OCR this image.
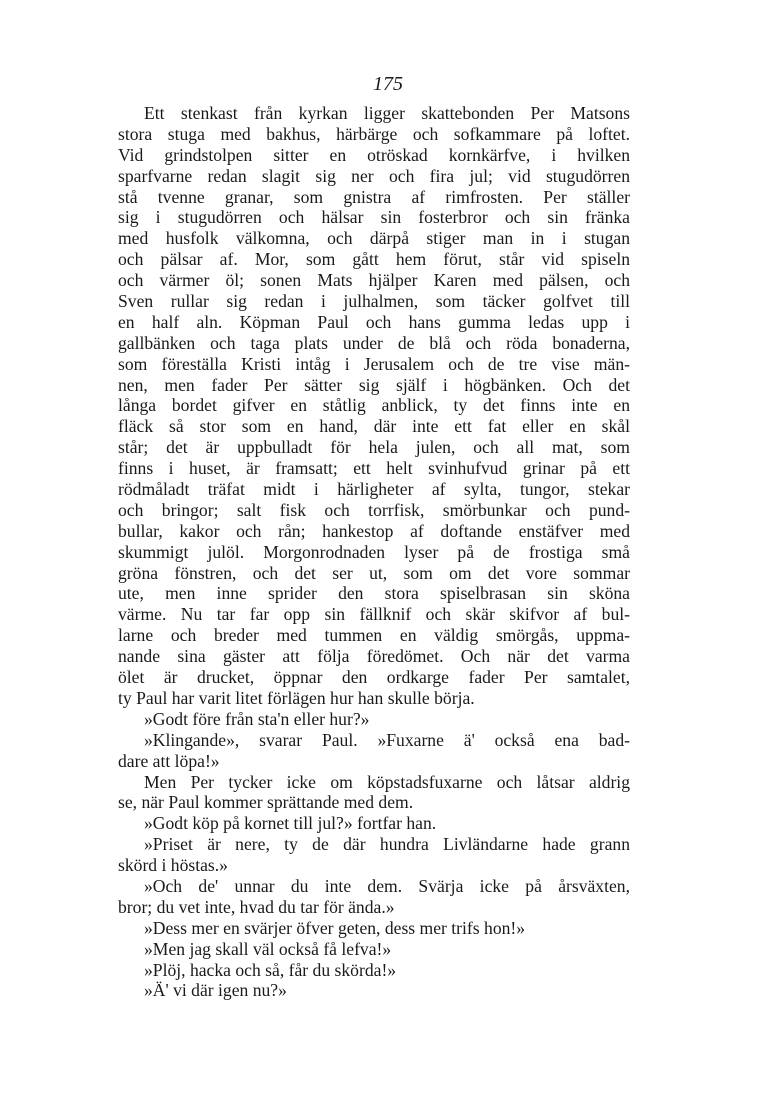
175
Ett stenkast från kyrkan ligger skattebonden Per Matsons
stora stuga med bakhus, härbärge och sofkammare på loftet.
Vid grindstolpen sitter en otröskad kornkärfve, i hvilken
sparfvarne redan slagit sig ner och fira jul; vid stugudörren
stå tvenne granar, som gnistra af rimfrosten. Per ställer
sig i stugudörren och hälsar sin fosterbror och sin fränka
med husfolk välkomna, och därpå stiger man in i stugan
och pälsar af. Mor, som gått hem förut, står vid spiseln
och värmer öl; sonen Mats hjälper Karen med pälsen, och
Sven rullar sig redan i julhalmen, som täcker golfvet till
en half aln. Köpman Paul och hans gumma ledas upp i
gallbänken och taga plats under de blå och röda bonaderna,
som föreställa Kristi intåg i Jerusalem och de tre vise män-
nen, men fader Per sätter sig själf i högbänken. Och det
långa bordet gifver en ståtlig anblick, ty det finns inte en
fläck så stor som en hand, där inte ett fat eller en skål
står; det är uppbulladt för hela julen, och all mat, som
finns i huset, är framsatt; ett helt svinhufvud grinar på ett
rödmåladt träfat midt i härligheter af sylta, tungor, stekar
och bringor; salt fisk och torrfisk, smörbunkar och pund-
bullar, kakor och rån; hankestop af doftande enstäfver med
skummigt julöl. Morgonrodnaden lyser på de frostiga små
gröna fönstren, och det ser ut, som om det vore sommar
ute, men inne sprider den stora spiselbrasan sin sköna
värme. Nu tar far opp sin fällknif och skär skifvor af bul-
larne och breder med tummen en väldig smörgås, uppma-
nande sina gäster att följa föredömet. Och när det varma
ölet är drucket, öppnar den ordkarge fader Per samtalet,
ty Paul har varit litet förlägen hur han skulle börja.
»Godt före från sta'n eller hur?»
»Klingande», svarar Paul. »Fuxarne ä' också ena bad-
dare att löpa!»
Men Per tycker icke om köpstadsfuxarne och låtsar aldrig
se, när Paul kommer sprättande med dem.
»Godt köp på kornet till jul?» fortfar han.
»Priset är nere, ty de där hundra Livländarne hade grann
skörd i höstas.»
»Och de' unnar du inte dem. Svärja icke på årsväxten,
bror; du vet inte, hvad du tar för ända.»
»Dess mer en svärjer öfver geten, dess mer trifs hon!»
»Men jag skall väl också få lefva!»
»Plöj, hacka och så, får du skörda!»
»Ä' vi där igen nu?»
